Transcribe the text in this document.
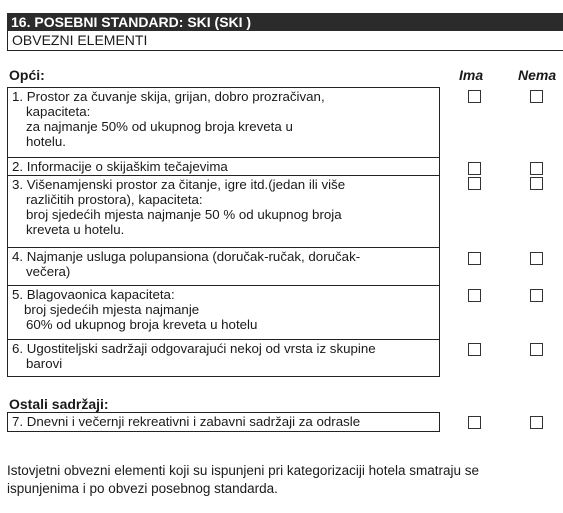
16. POSEBNI STANDARD: SKI (SKI )
OBVEZNI ELEMENTI
Opći:	Ima Nema
1. Prostor za čuvanje skija, grijan, dobro prozračivan,
kapaciteta:
za najmanje 50% od ukupnog broja kreveta u
hotelu.
2. Informacije o skijaškim tečajevima
3. Višenamjenski prostor za čitanje, igre itd.(jedan ili više
različitih prostora), kapaciteta:
broj sjedećih mjesta najmanje 50 % od ukupnog broja
kreveta u hotelu.
4. Najmanje usluga polupansiona (doručak-ručak, doručak-
večera)
5. Blagovaonica kapaciteta:
broj sjedećih mjesta najmanje
60% od ukupnog broja kreveta u hotelu
6. Ugostiteljski sadržaji odgovarajući nekoj od vrsta iz skupine
barovi
Ostali sadržaji:
7. Dnevni i večernji rekreativni i zabavni sadržaji za odrasle
Istovjetni obvezni elementi koji su ispunjeni pri kategorizaciji hotela smatraju se
ispunjenima i po obvezi posebnog standarda.
